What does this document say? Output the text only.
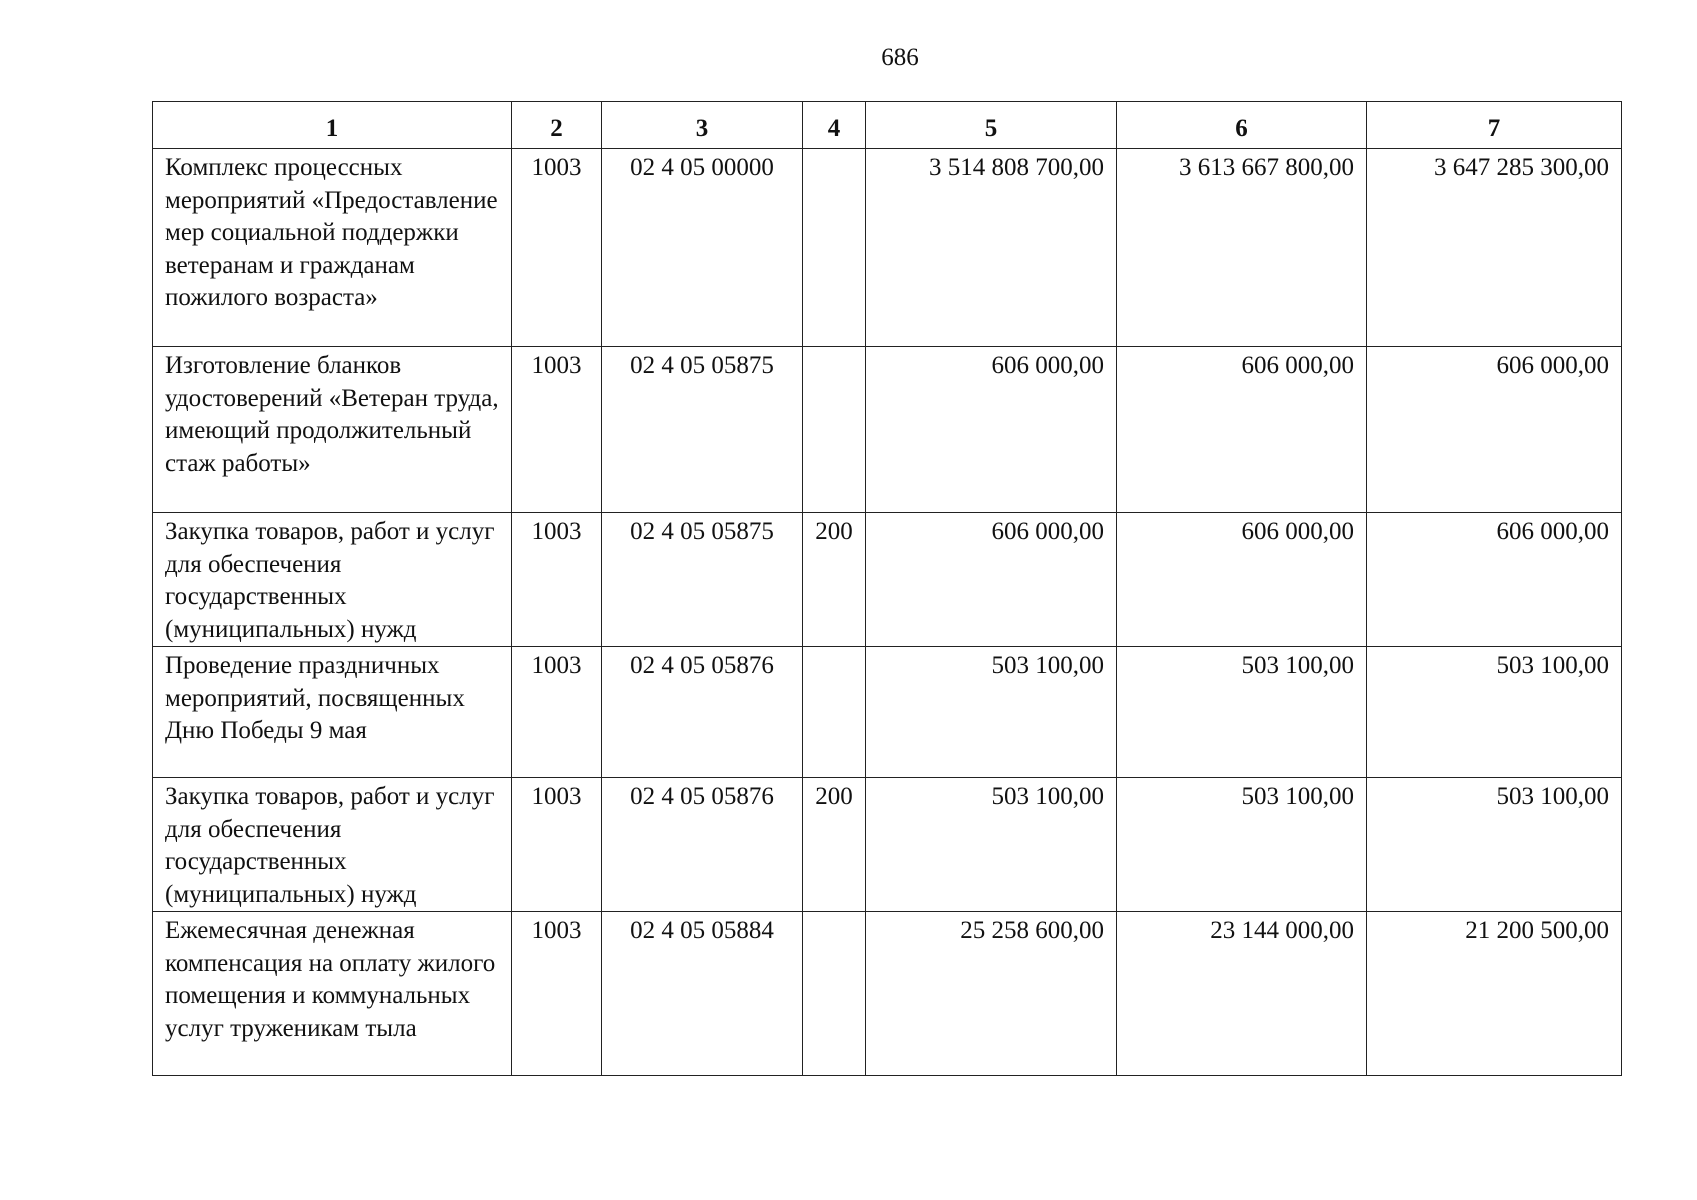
686
1	2	3	4	5	6	7
Комплекс процессных мероприятий «Предоставление мер социальной поддержки ветеранам и гражданам пожилого возраста»	1003	02 4 05 00000		3 514 808 700,00	3 613 667 800,00	3 647 285 300,00
Изготовление бланков удостоверений «Ветеран труда, имеющий продолжительный стаж работы»	1003	02 4 05 05875		606 000,00	606 000,00	606 000,00
Закупка товаров, работ и услуг для обеспечения государственных (муниципальных) нужд	1003	02 4 05 05875	200	606 000,00	606 000,00	606 000,00
Проведение праздничных мероприятий, посвященных Дню Победы 9 мая	1003	02 4 05 05876		503 100,00	503 100,00	503 100,00
Закупка товаров, работ и услуг для обеспечения государственных (муниципальных) нужд	1003	02 4 05 05876	200	503 100,00	503 100,00	503 100,00
Ежемесячная денежная компенсация на оплату жилого помещения и коммунальных услуг труженикам тыла	1003	02 4 05 05884		25 258 600,00	23 144 000,00	21 200 500,00
